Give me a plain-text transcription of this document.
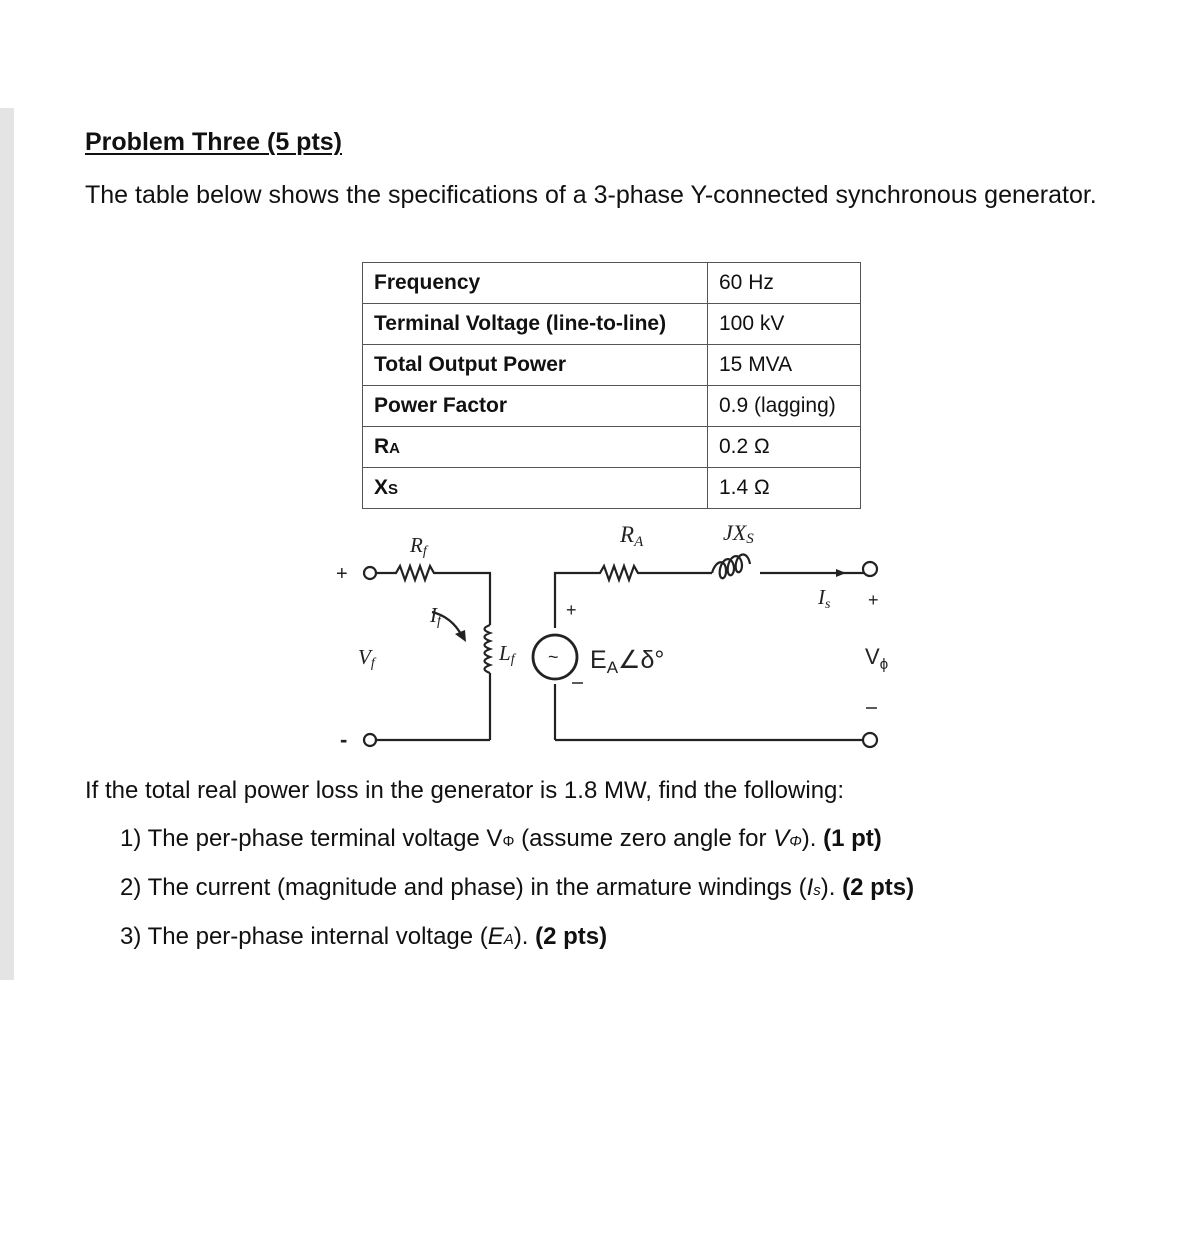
Problem Three (5 pts)

The table below shows the specifications of a 3-phase Y-connected synchronous generator.

Frequency	60 Hz
Terminal Voltage (line-to-line)	100 kV
Total Output Power	15 MVA
Power Factor	0.9 (lagging)
RA	0.2 Ω
XS	1.4 Ω
Rf
If
Lf
Vf
RA	JXS
Is
+
-
+	+
~ $E_A\angle\delta^\circ$	$V_\phi$

If the total real power loss in the generator is 1.8 MW, find the following:

1) The per-phase terminal voltage VΦ (assume zero angle for VΦ). (1 pt)
2) The current (magnitude and phase) in the armature windings (Is). (2 pts)
3) The per-phase internal voltage (EA). (2 pts)
